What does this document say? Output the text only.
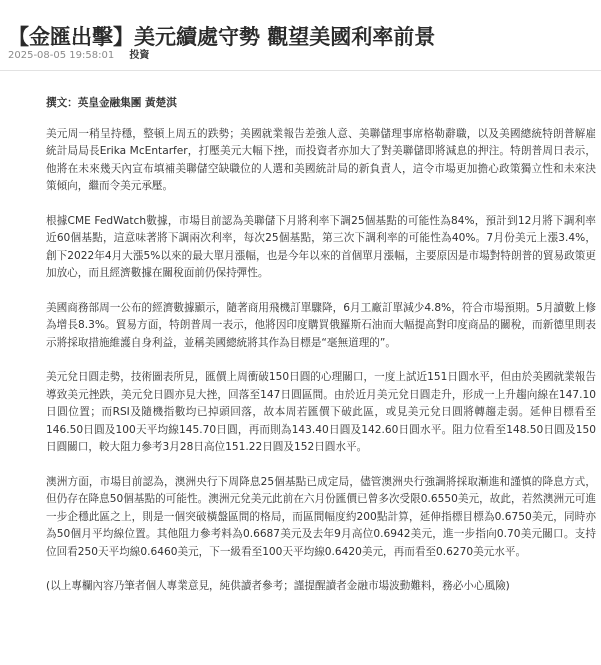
【金匯出擊】美元續處守勢 觀望美國利率前景
2025-08-05 19:58:01 投資

撰文：英皇金融集團 黃楚淇

美元周一稍呈持穩，整頓上周五的跌勢；美國就業報告差強人意、美聯儲理事席格勒辭職，以及美國總統特朗普解雇統計局局長Erika McEntarfer，打壓美元大幅下挫，而投資者亦加大了對美聯儲即將減息的押注。特朗普周日表示，他將在未來幾天內宣布填補美聯儲空缺職位的人選和美國統計局的新負責人，這令市場更加擔心政策獨立性和未來決策傾向，繼而令美元承壓。

根據CME FedWatch數據，市場目前認為美聯儲下月將利率下調25個基點的可能性為84%，預計到12月將下調利率近60個基點，這意味著將下調兩次利率，每次25個基點，第三次下調利率的可能性為40%。7月份美元上漲3.4%，創下2022年4月大漲5%以來的最大單月漲幅，也是今年以來的首個單月漲幅，主要原因是市場對特朗普的貿易政策更加放心，而且經濟數據在關稅面前仍保持彈性。

美國商務部周一公布的經濟數據顯示，隨著商用飛機訂單驟降，6月工廠訂單減少4.8%，符合市場預期。5月讀數上修為增長8.3%。貿易方面，特朗普周一表示，他將因印度購買俄羅斯石油而大幅提高對印度商品的關稅，而新德里則表示將採取措施維護自身利益，並稱美國總統將其作為目標是“毫無道理的”。

美元兌日圓走勢，技術圖表所見，匯價上周衝破150日圓的心理關口，一度上試近151日圓水平，但由於美國就業報告導致美元挫跌，美元兌日圓亦見大挫，回落至147日圓區間。由於近月美元兌日圓走升，形成一上升趨向線在147.10日圓位置；而RSI及隨機指數均已掉頭回落，故本周若匯價下破此區，或見美元兌日圓將轉趨走弱。延伸目標看至146.50日圓及100天平均線145.70日圓，再而則為143.40日圓及142.60日圓水平。阻力位看至148.50日圓及150日圓關口，較大阻力參考3月28日高位151.22日圓及152日圓水平。

澳洲方面，市場目前認為，澳洲央行下周降息25個基點已成定局，儘管澳洲央行強調將採取漸進和謹慎的降息方式，但仍存在降息50個基點的可能性。澳洲元兌美元此前在六月份匯價已曾多次受限0.6550美元，故此，若然澳洲元可進一步企穩此區之上，則是一個突破橫盤區間的格局，而區間幅度約200點計算，延伸指標目標為0.6750美元，同時亦為50個月平均線位置。其他阻力參考料為0.6687美元及去年9月高位0.6942美元，進一步指向0.70美元關口。支持位回看250天平均線0.6460美元，下一級看至100天平均線0.6420美元，再而看至0.6270美元水平。

(以上專欄內容乃筆者個人專業意見，純供讀者參考；謹提醒讀者金融市場波動難料，務必小心風險)
